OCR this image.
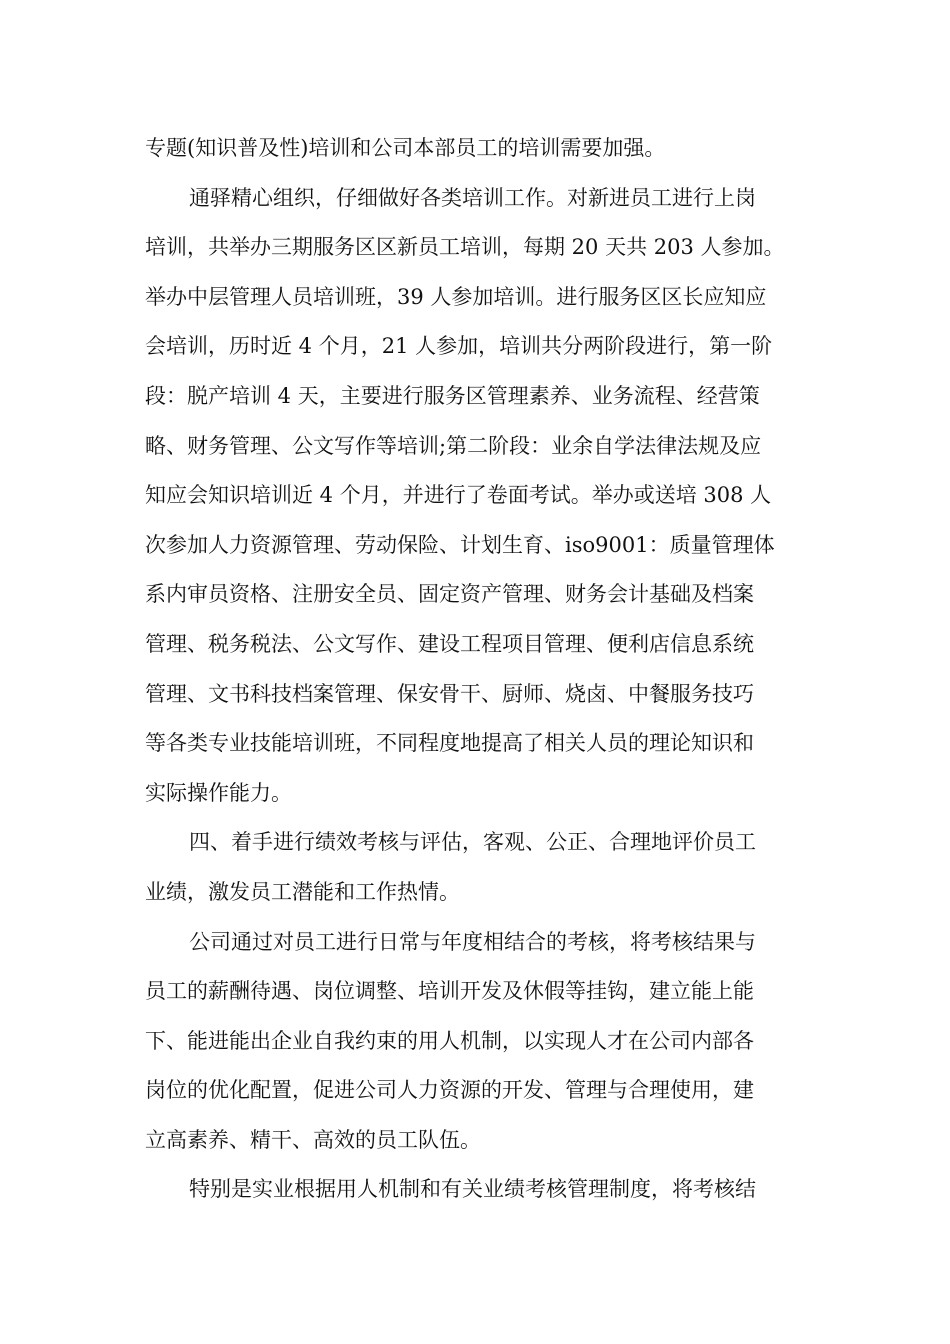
专题(知识普及性)培训和公司本部员工的培训需要加强。
通驿精心组织，仔细做好各类培训工作。对新进员工进行上岗
培训，共举办三期服务区区新员工培训，每期 20 天共 203 人参加。
举办中层管理人员培训班，39 人参加培训。进行服务区区长应知应
会培训，历时近 4 个月，21 人参加，培训共分两阶段进行，第一阶
段：脱产培训 4 天，主要进行服务区管理素养、业务流程、经营策
略、财务管理、公文写作等培训;第二阶段：业余自学法律法规及应
知应会知识培训近 4 个月，并进行了卷面考试。举办或送培 308 人
次参加人力资源管理、劳动保险、计划生育、iso9001：质量管理体
系内审员资格、注册安全员、固定资产管理、财务会计基础及档案
管理、税务税法、公文写作、建设工程项目管理、便利店信息系统
管理、文书科技档案管理、保安骨干、厨师、烧卤、中餐服务技巧
等各类专业技能培训班，不同程度地提高了相关人员的理论知识和
实际操作能力。
四、着手进行绩效考核与评估，客观、公正、合理地评价员工
业绩，激发员工潜能和工作热情。
公司通过对员工进行日常与年度相结合的考核，将考核结果与
员工的薪酬待遇、岗位调整、培训开发及休假等挂钩，建立能上能
下、能进能出企业自我约束的用人机制，以实现人才在公司内部各
岗位的优化配置，促进公司人力资源的开发、管理与合理使用，建
立高素养、精干、高效的员工队伍。
特别是实业根据用人机制和有关业绩考核管理制度，将考核结
